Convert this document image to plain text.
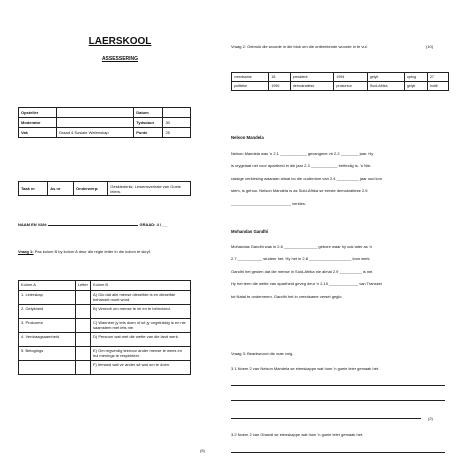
LAERSKOOL
ASSESSERING
Opsteller		Datum	
Moderator		Tydsduur	30
Vak	Graad 4 Sosiale Wetenskap	Punte	25
Taak nr	As nr	Onderwerp:	Geskiedenis: Lewensverhale van Goeie leiers.
NAAM EN VAN:	GRAAD: 4 /___
Vraag 1: Pas kolom B by kolom A deur die regte letter in die kolom te skryf.
Kolom A	Letter	Kolom B
1. Leierskap		A) Glo dat alle mense dieselfde is en dieselfde behandel moet word.
2. Gelykheid		B) Vermoë om mense te lei en te beïnvloed.
3. Prokureur		C) Wanneer jy iets doen of sê jy ongelukkig is en nie saamstem met iets nie.
4. Verdraagsaamheid		D) Persoon wat met die wette van die land werk.
5. Betogings		E) Om regverdig teenoor ander mense te wees en hul menings te respekteer.
		F) Iemand wat vir ander sê wat om te doen.
(5)
Vraag 2: Gebruik die woorde in die blok om die ontbrekende woorde in te vul.	(10)
vreedsame	18	president	1994	gelyk	optog	27
politieke	1990	demokratiese	prokureur	Suid-Afrika	gelyk	Indië
Nelson Mandela
Nelson Mandela was 'n 2.1 ____________ gevangene vir 2.2 ________ jaar. Hy
is vrygelaat net voor apartheid in die jaar 2.3 ____________ beëindig is. 'n Nie-
rassige verkiesing waaraan almal bo die ouderdom van 2.4 __________ jaar oud kon
stem, is gehou. Nelson Mandela is as Suid-Afrika se eerste demokratiese 2.5
___________________________ verkies.
Mohandas Gandhi
Mohandas Gandhi was in 2.6 _______________ gebore waar hy ook later as 'n
2.7 ___________ studeer het. Hy het in 2.8 ___________________ kom werk.
Gandhi het gesien dat die mense in Suid-Afrika nie almal 2.9 __________ is nie.
Hy het teen die wette van apartheid geveg deur 'n 2.10 _____________ van Transkei
tot Natal te onderneem. Gandhi het in vreedsame verset geglo.
Vraag 3: Beantwoord die vrae volg.
3.1 Noem 2 van Nelson Mandela se eienskappe wat hom 'n goeie leier gemaak het.
(2)
3.2 Noem 2 van Ghandi se eienskappe wat hom 'n goeie leier gemaak het.
